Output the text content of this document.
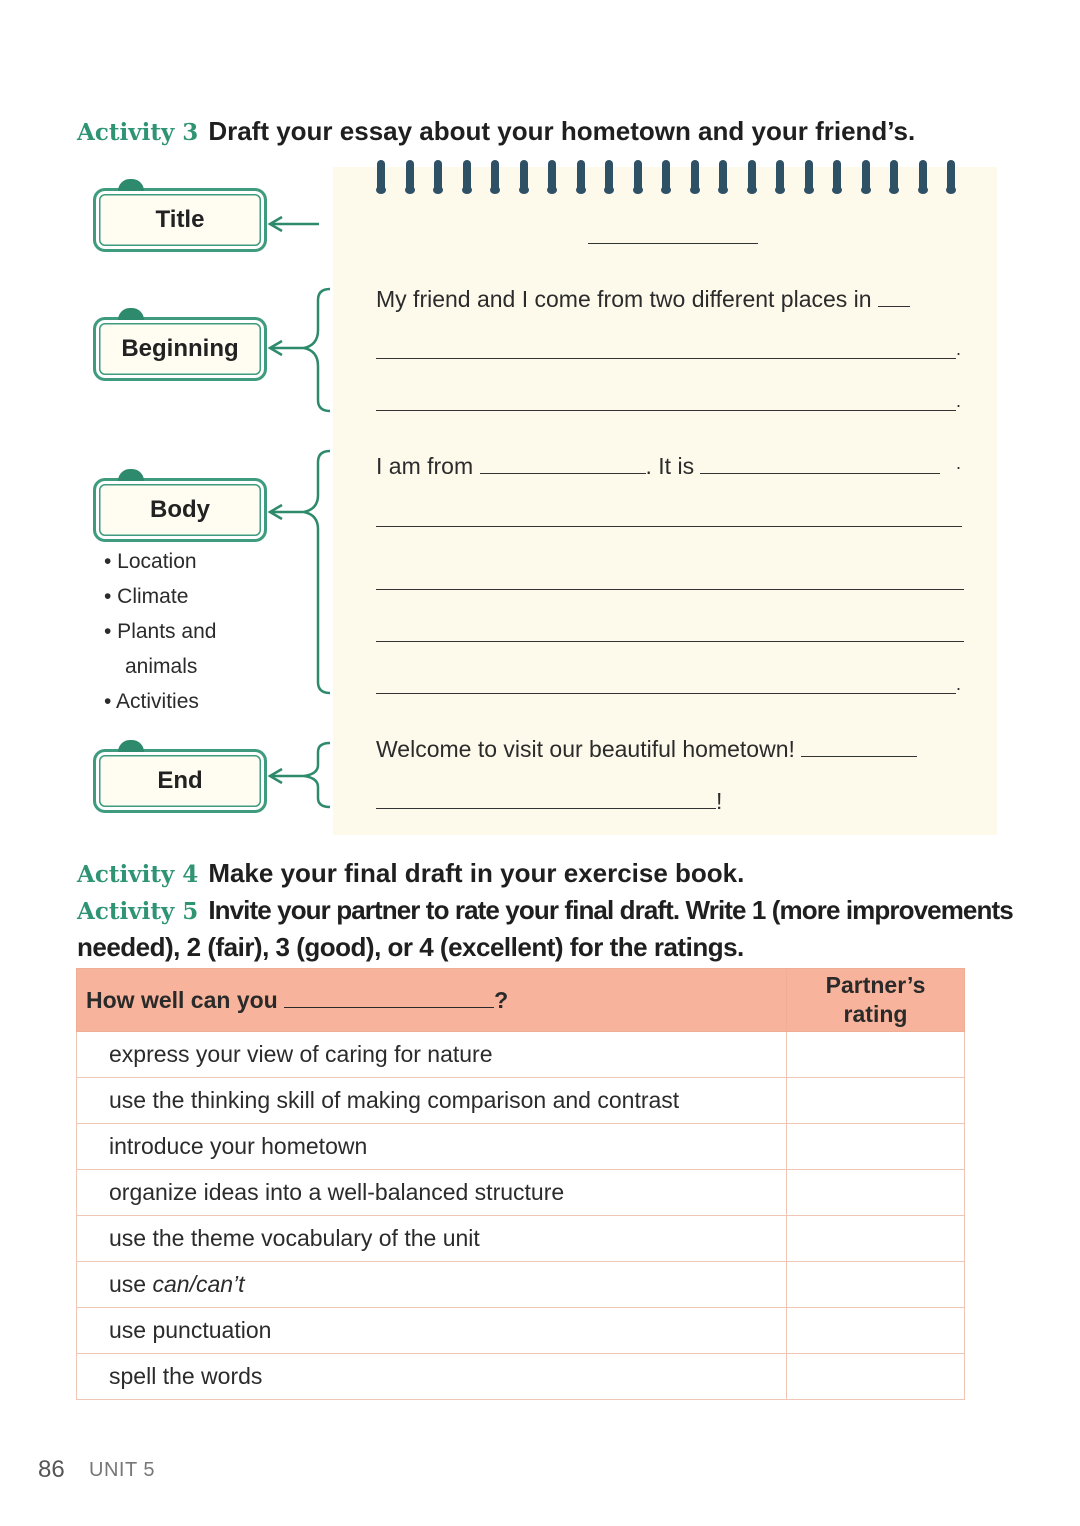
Activity 3 Draft your essay about your hometown and your friend’s.
My friend and I come from two different places in
.
.
I am from	. It is	.
.
Welcome to visit our beautiful hometown!
!
Title
Beginning
Body
End
• Location
• Climate
• Plants and
animals
• Activities
Activity 4 Make your final draft in your exercise book.
Activity 5 Invite your partner to rate your final draft. Write 1 (more improvements
needed), 2 (fair), 3 (good), or 4 (excellent) for the ratings.
How well can you ?	Partner’s
rating

express your view of caring for nature	
use the thinking skill of making comparison and contrast	
introduce your hometown	
organize ideas into a well-balanced structure	
use the theme vocabulary of the unit	
use can/can’t	
use punctuation	
spell the words	
86 UNIT 5
